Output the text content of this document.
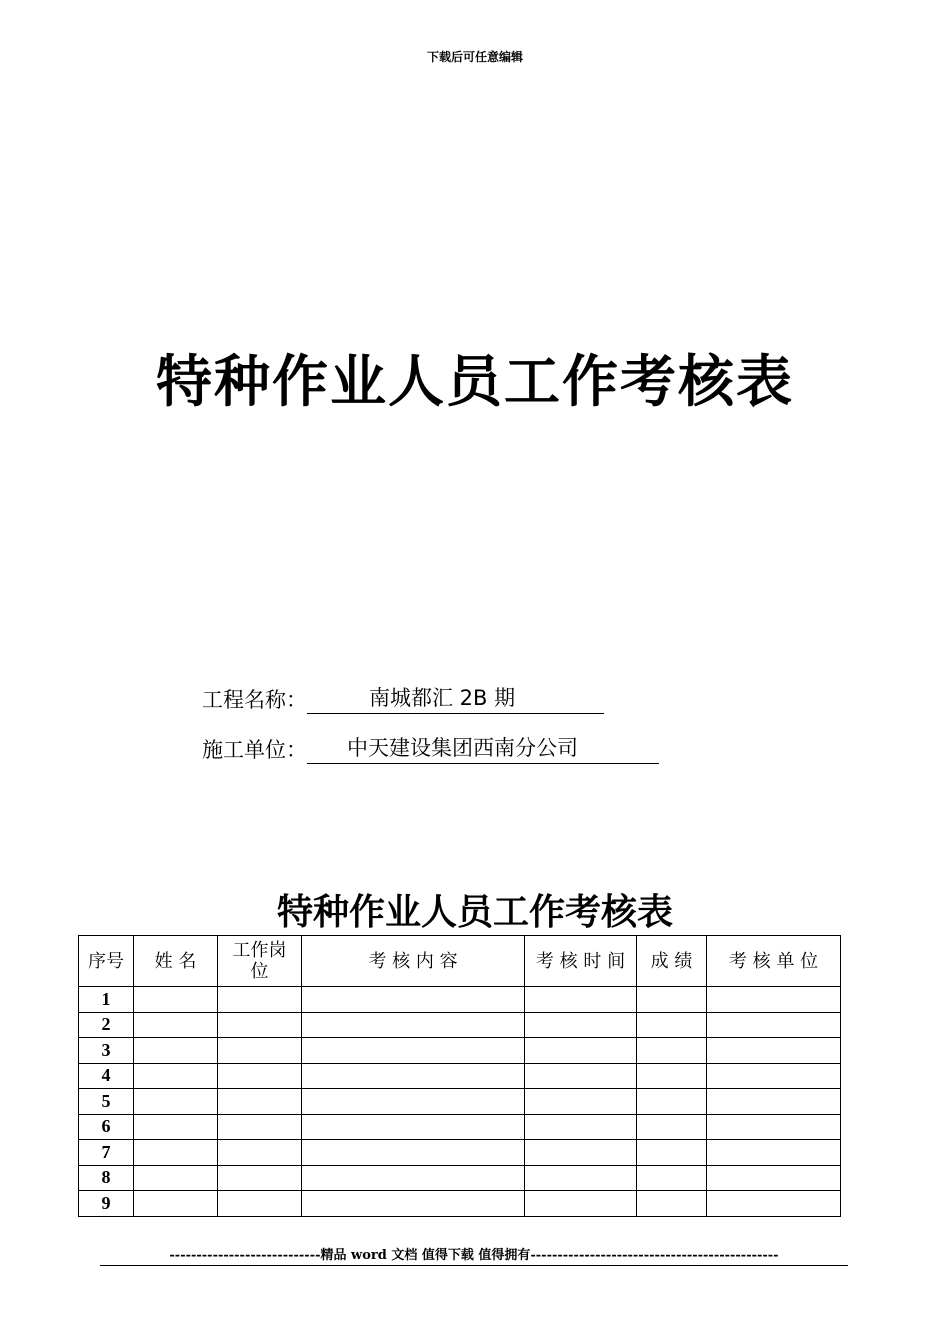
下载后可任意编辑
特种作业人员工作考核表
工程名称：	南城都汇 2B 期
施工单位：	中天建设集团西南分公司
特种作业人员工作考核表
序号	姓 名	工作岗位	考 核 内 容	考 核 时 间	成 绩	考 核 单 位
1						
2						
3						
4						
5						
6						
7						
8						
9						
----------------------------精品 word 文档 值得下载 值得拥有----------------------------------------------
